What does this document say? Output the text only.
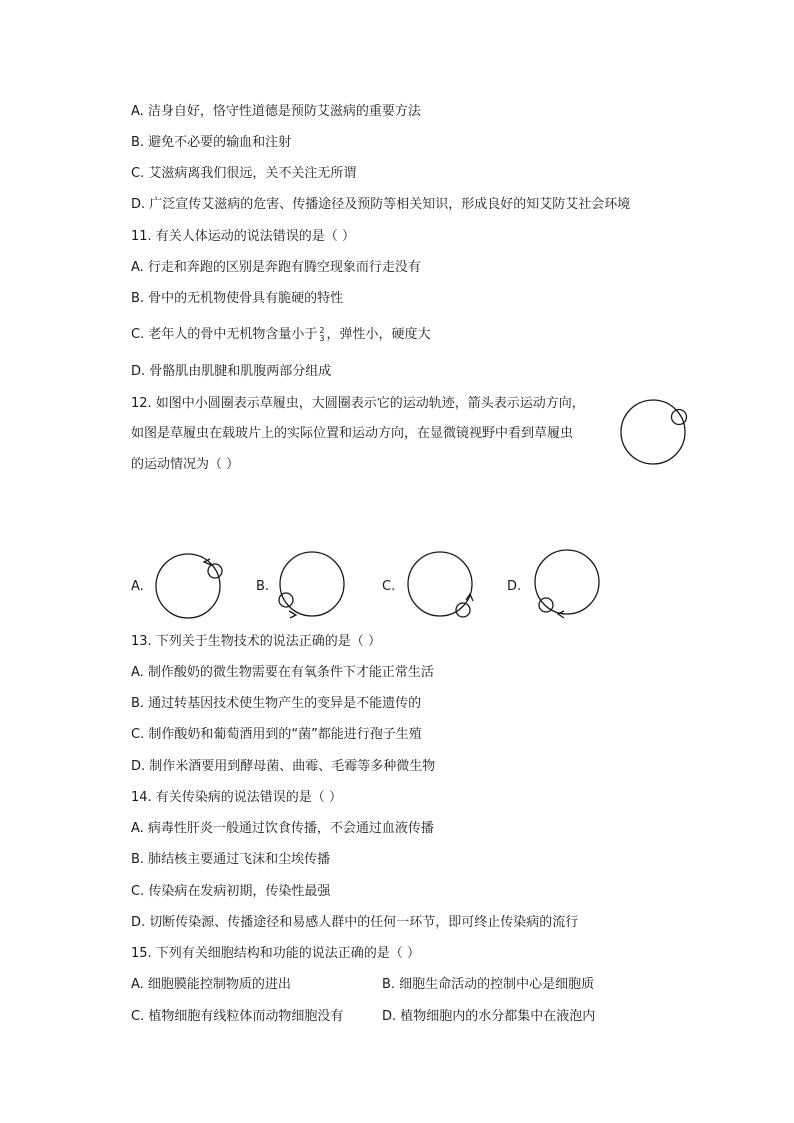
A. 洁身自好，恪守性道德是预防艾滋病的重要方法
B. 避免不必要的输血和注射
C. 艾滋病离我们很远，关不关注无所谓
D. 广泛宣传艾滋病的危害、传播途径及预防等相关知识，形成良好的知艾防艾社会环境
11. 有关人体运动的说法错误的是（ ）
A. 行走和奔跑的区别是奔跑有腾空现象而行走没有
B. 骨中的无机物使骨具有脆硬的特性
C. 老年人的骨中无机物含量小于 2
3 ，弹性小，硬度大
D. 骨骼肌由肌腱和肌腹两部分组成
12. 如图中小圆圈表示草履虫，大圆圈表示它的运动轨迹，箭头表示运动方向，
如图是草履虫在载玻片上的实际位置和运动方向，在显微镜视野中看到草履虫
的运动情况为（ ）
A.	B.	C.	D.
13. 下列关于生物技术的说法正确的是（ ）
A. 制作酸奶的微生物需要在有氧条件下才能正常生活
B. 通过转基因技术使生物产生的变异是不能遗传的
C. 制作酸奶和葡萄酒用到的“菌”都能进行孢子生殖
D. 制作米酒要用到酵母菌、曲霉、毛霉等多种微生物
14. 有关传染病的说法错误的是（ ）
A. 病毒性肝炎一般通过饮食传播，不会通过血液传播
B. 肺结核主要通过飞沫和尘埃传播
C. 传染病在发病初期，传染性最强
D. 切断传染源、传播途径和易感人群中的任何一环节，即可终止传染病的流行
15. 下列有关细胞结构和功能的说法正确的是（ ）
A. 细胞膜能控制物质的进出	B. 细胞生命活动的控制中心是细胞质
C. 植物细胞有线粒体而动物细胞没有	D. 植物细胞内的水分都集中在液泡内
